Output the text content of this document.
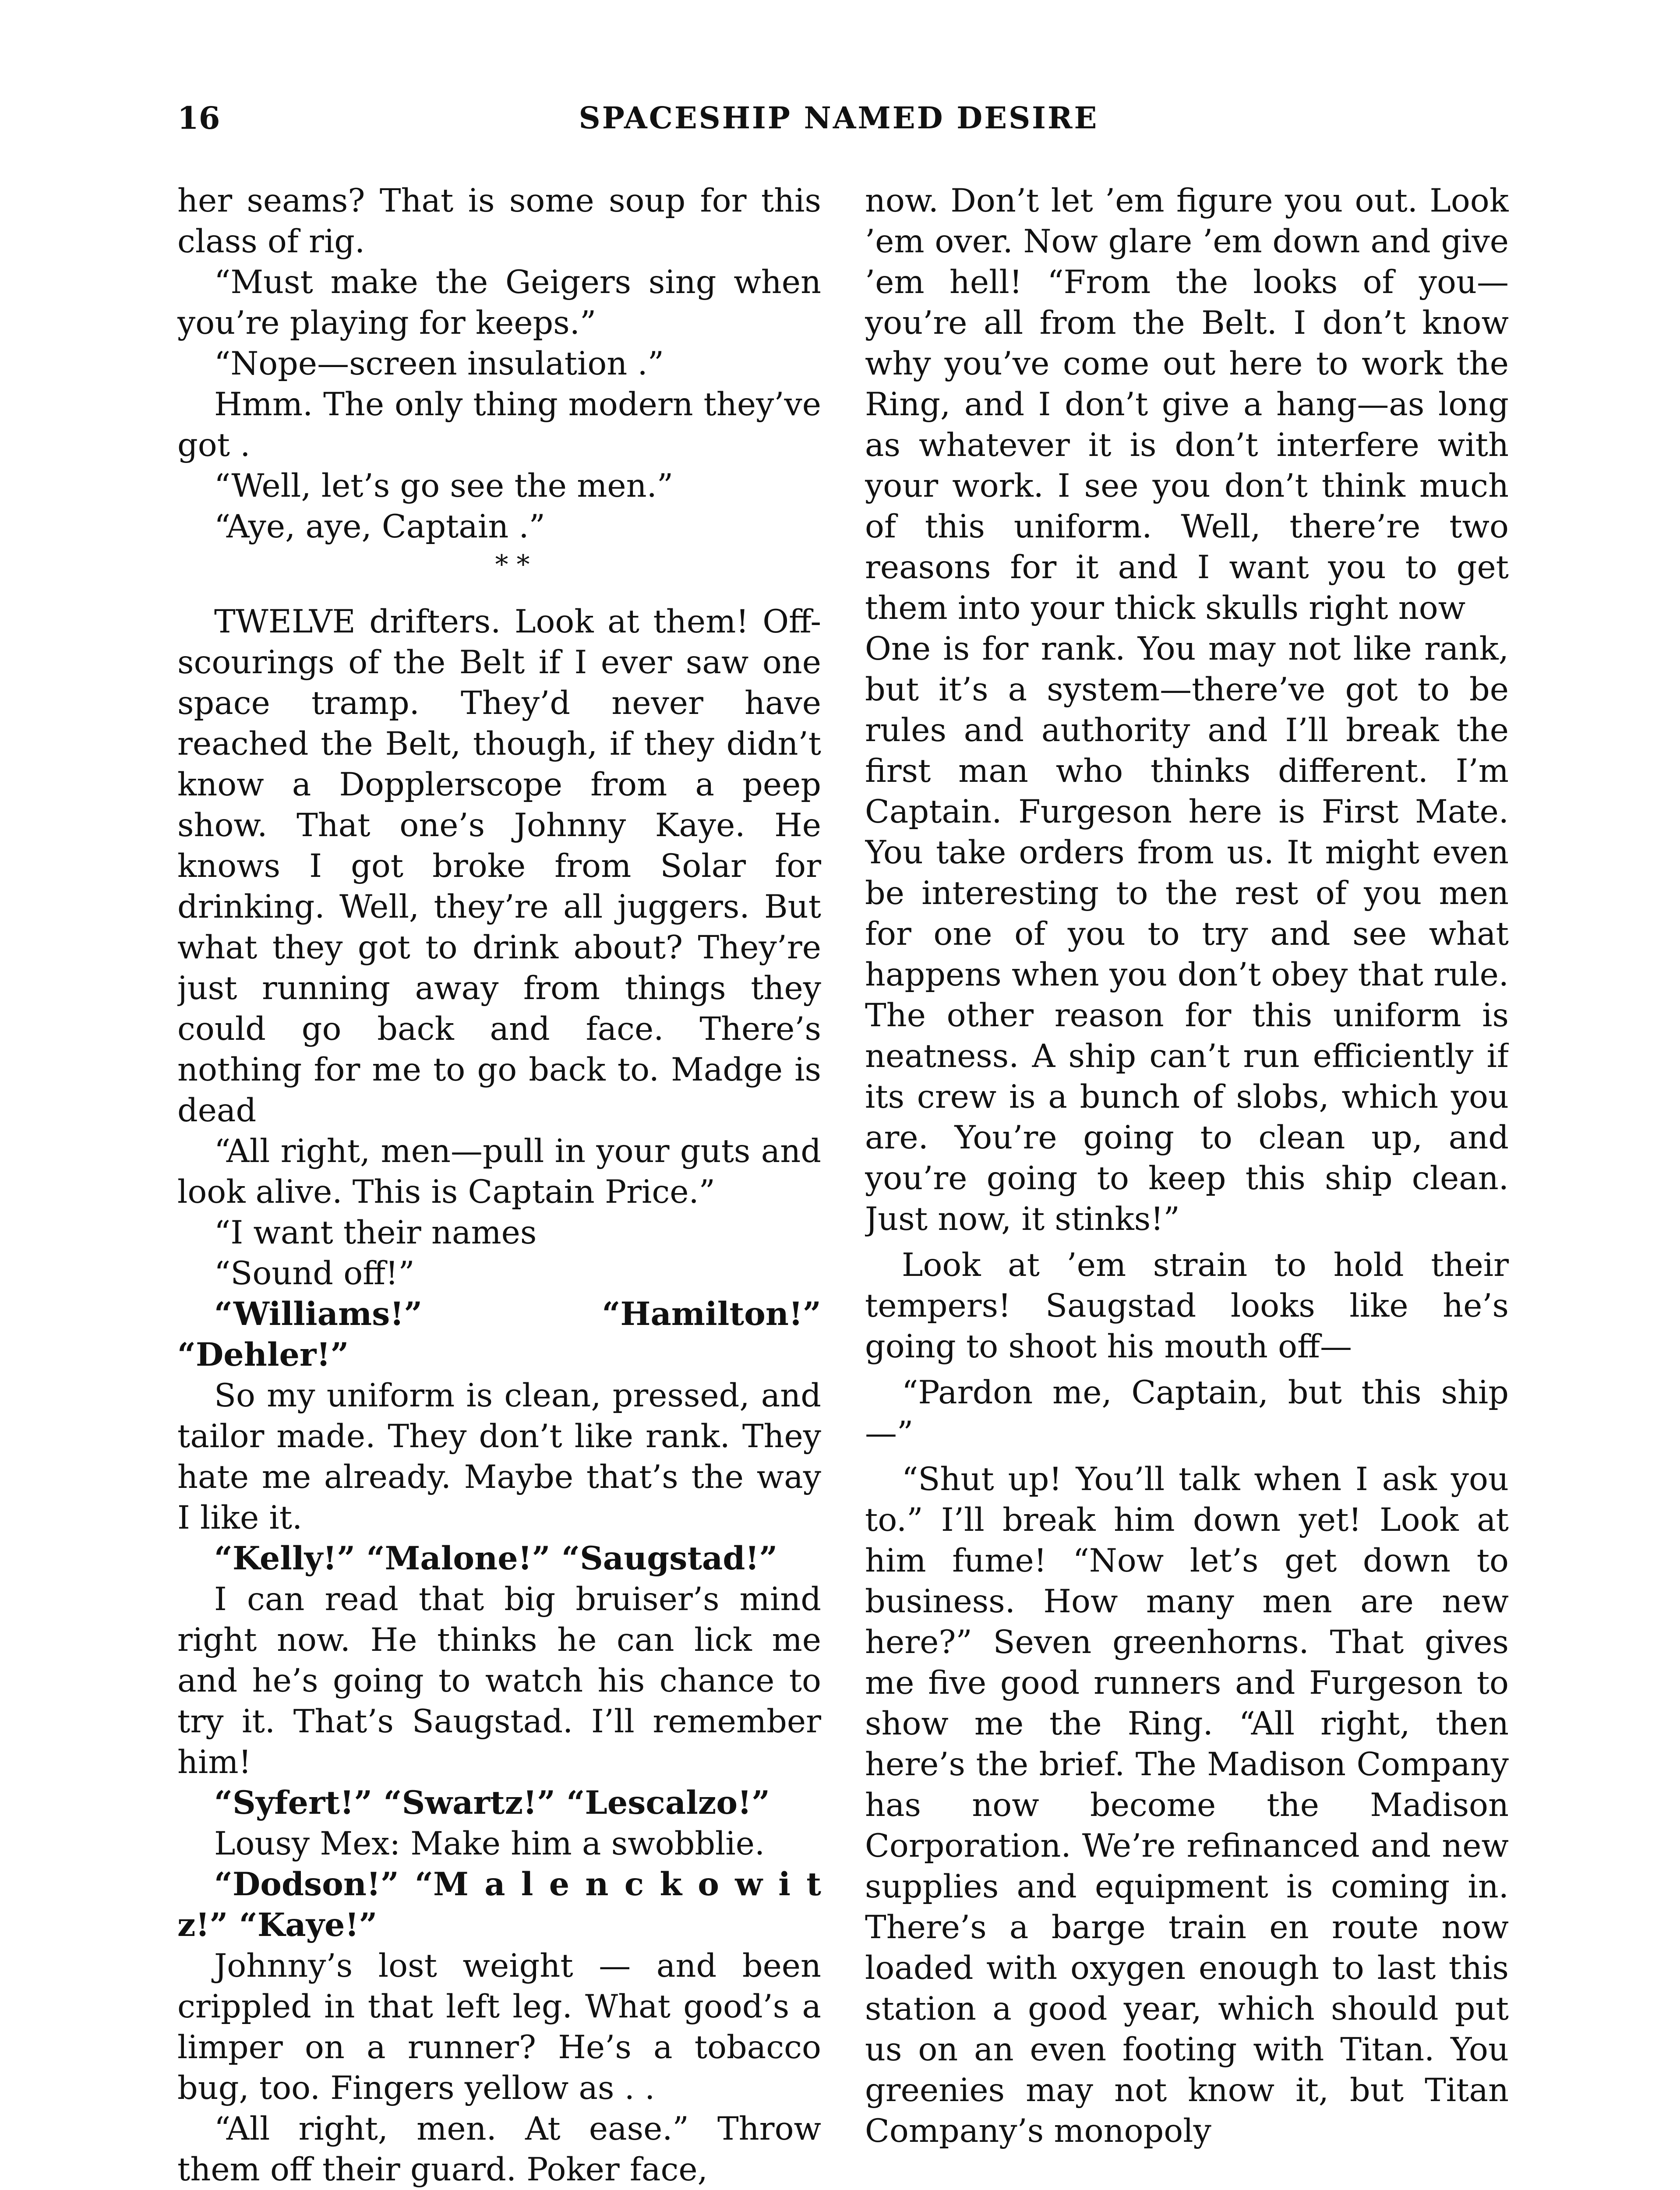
16	SPACESHIP NAMED DESIRE

her seams? That is some soup for this class of rig.

“Must make the Geigers sing when you’re playing for keeps.”

“Nope—screen insulation .”

Hmm. The only thing modern they’ve got .

“Well, let’s go see the men.”

“Aye, aye, Captain .”

* *

TWELVE drifters. Look at them! Off-scourings of the Belt if I ever saw one space tramp. They’d never have reached the Belt, though, if they didn’t know a Dopplerscope from a peep show. That one’s Johnny Kaye. He knows I got broke from Solar for drinking. Well, they’re all juggers. But what they got to drink about? They’re just running away from things they could go back and face. There’s nothing for me to go back to. Madge is dead

“All right, men—pull in your guts and look alive. This is Captain Price.”

“I want their names

“Sound off!”

“Williams!” “Hamilton!” “Dehler!”

So my uniform is clean, pressed, and tailor made. They don’t like rank. They hate me already. Maybe that’s the way I like it.

“Kelly!” “Malone!” “Saugstad!”

I can read that big bruiser’s mind right now. He thinks he can lick me and he’s going to watch his chance to try it. That’s Saugstad. I’ll remember him!

“Syfert!” “Swartz!” “Lescalzo!”

Lousy Mex: Make him a swobblie.

“Dodson!” “M a l e n c k o w i t z!” “Kaye!”

Johnny’s lost weight — and been crippled in that left leg. What good’s a limper on a runner? He’s a tobacco bug, too. Fingers yellow as . .

“All right, men. At ease.” Throw them off their guard. Poker face,

now. Don’t let ’em figure you out. Look ’em over. Now glare ’em down and give ’em hell! “From the looks of you—you’re all from the Belt. I don’t know why you’ve come out here to work the Ring, and I don’t give a hang—as long as whatever it is don’t interfere with your work. I see you don’t think much of this uniform. Well, there’re two reasons for it and I want you to get them into your thick skulls right now

One is for rank. You may not like rank, but it’s a system—there’ve got to be rules and authority and I’ll break the first man who thinks different. I’m Captain. Furgeson here is First Mate. You take orders from us. It might even be interesting to the rest of you men for one of you to try and see what happens when you don’t obey that rule. The other reason for this uniform is neatness. A ship can’t run efficiently if its crew is a bunch of slobs, which you are. You’re going to clean up, and you’re going to keep this ship clean. Just now, it stinks!”

Look at ’em strain to hold their tempers! Saugstad looks like he’s going to shoot his mouth off—

“Pardon me, Captain, but this ship—”

“Shut up! You’ll talk when I ask you to.” I’ll break him down yet! Look at him fume! “Now let’s get down to business. How many men are new here?” Seven greenhorns. That gives me five good runners and Furgeson to show me the Ring. “All right, then here’s the brief. The Madison Company has now become the Madison Corporation. We’re refinanced and new supplies and equipment is coming in. There’s a barge train en route now loaded with oxygen enough to last this station a good year, which should put us on an even footing with Titan. You greenies may not know it, but Titan Company’s monopoly
